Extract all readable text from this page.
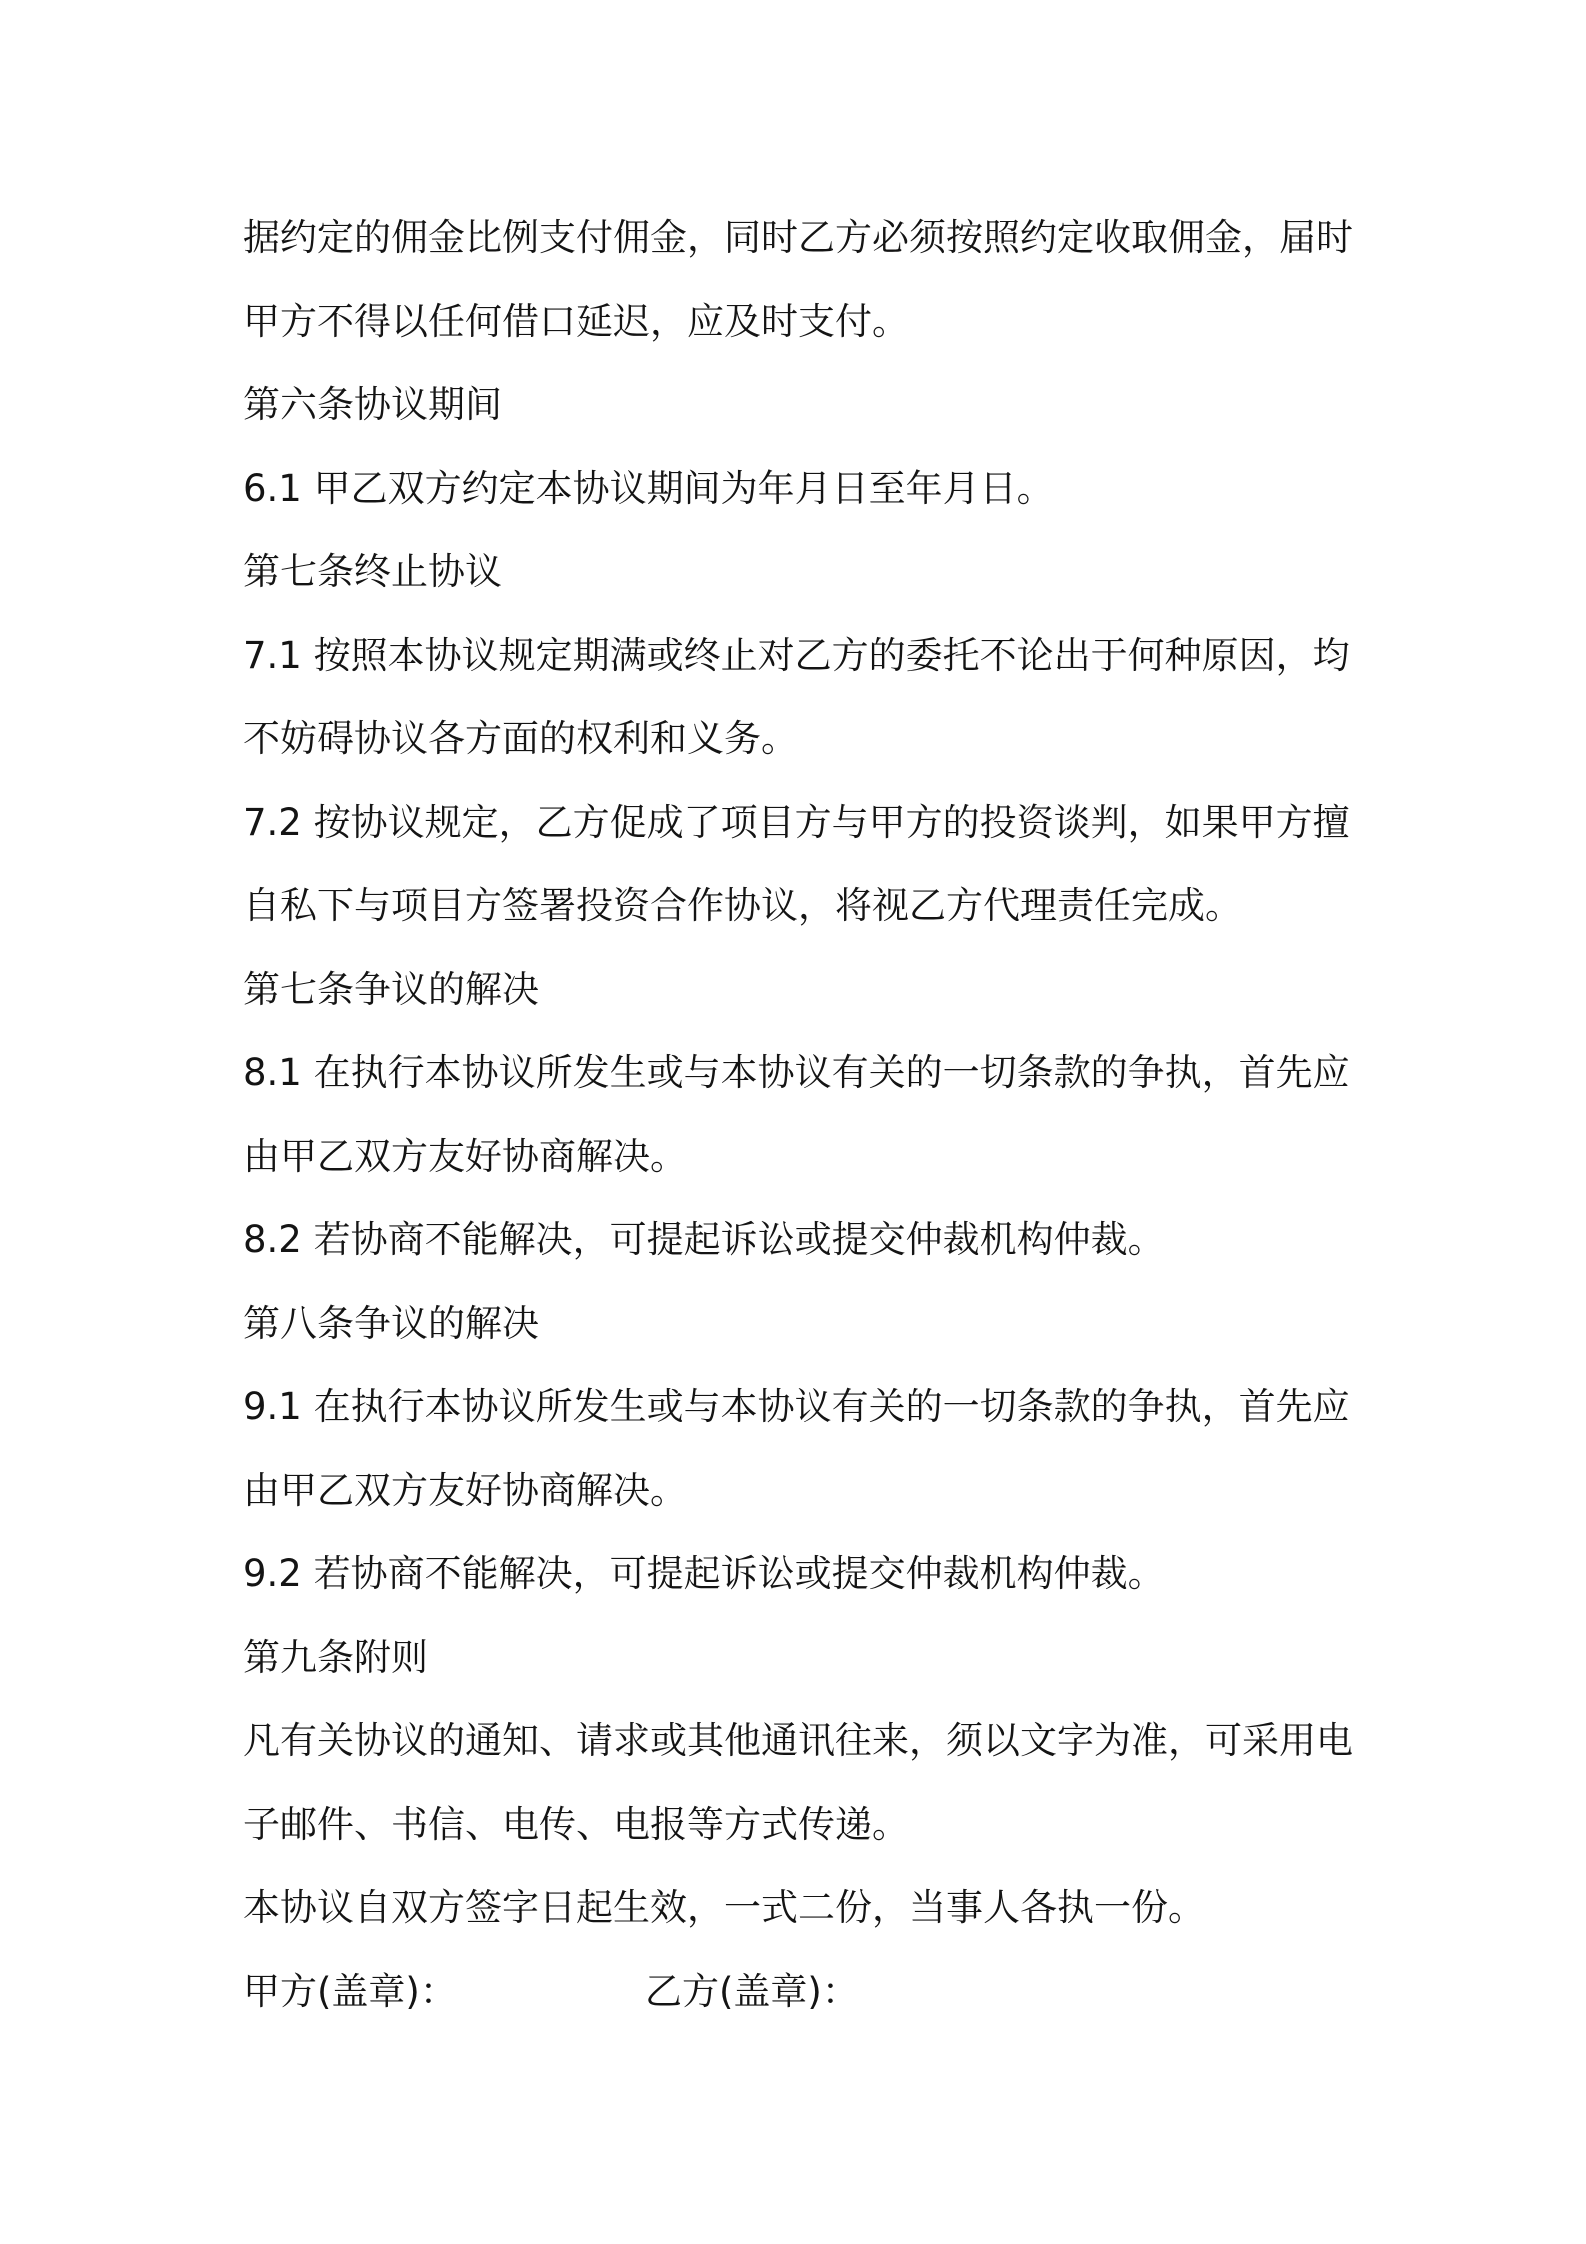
据约定的佣金比例支付佣金，同时乙方必须按照约定收取佣金，届时
甲方不得以任何借口延迟，应及时支付。
第六条协议期间
6.1 甲乙双方约定本协议期间为年月日至年月日。
第七条终止协议
7.1 按照本协议规定期满或终止对乙方的委托不论出于何种原因，均
不妨碍协议各方面的权利和义务。
7.2 按协议规定，乙方促成了项目方与甲方的投资谈判，如果甲方擅
自私下与项目方签署投资合作协议，将视乙方代理责任完成。
第七条争议的解决
8.1 在执行本协议所发生或与本协议有关的一切条款的争执，首先应
由甲乙双方友好协商解决。
8.2 若协商不能解决，可提起诉讼或提交仲裁机构仲裁。
第八条争议的解决
9.1 在执行本协议所发生或与本协议有关的一切条款的争执，首先应
由甲乙双方友好协商解决。
9.2 若协商不能解决，可提起诉讼或提交仲裁机构仲裁。
第九条附则
凡有关协议的通知、请求或其他通讯往来，须以文字为准，可采用电
子邮件、书信、电传、电报等方式传递。
本协议自双方签字日起生效，一式二份，当事人各执一份。
甲方(盖章)：	乙方(盖章)：
